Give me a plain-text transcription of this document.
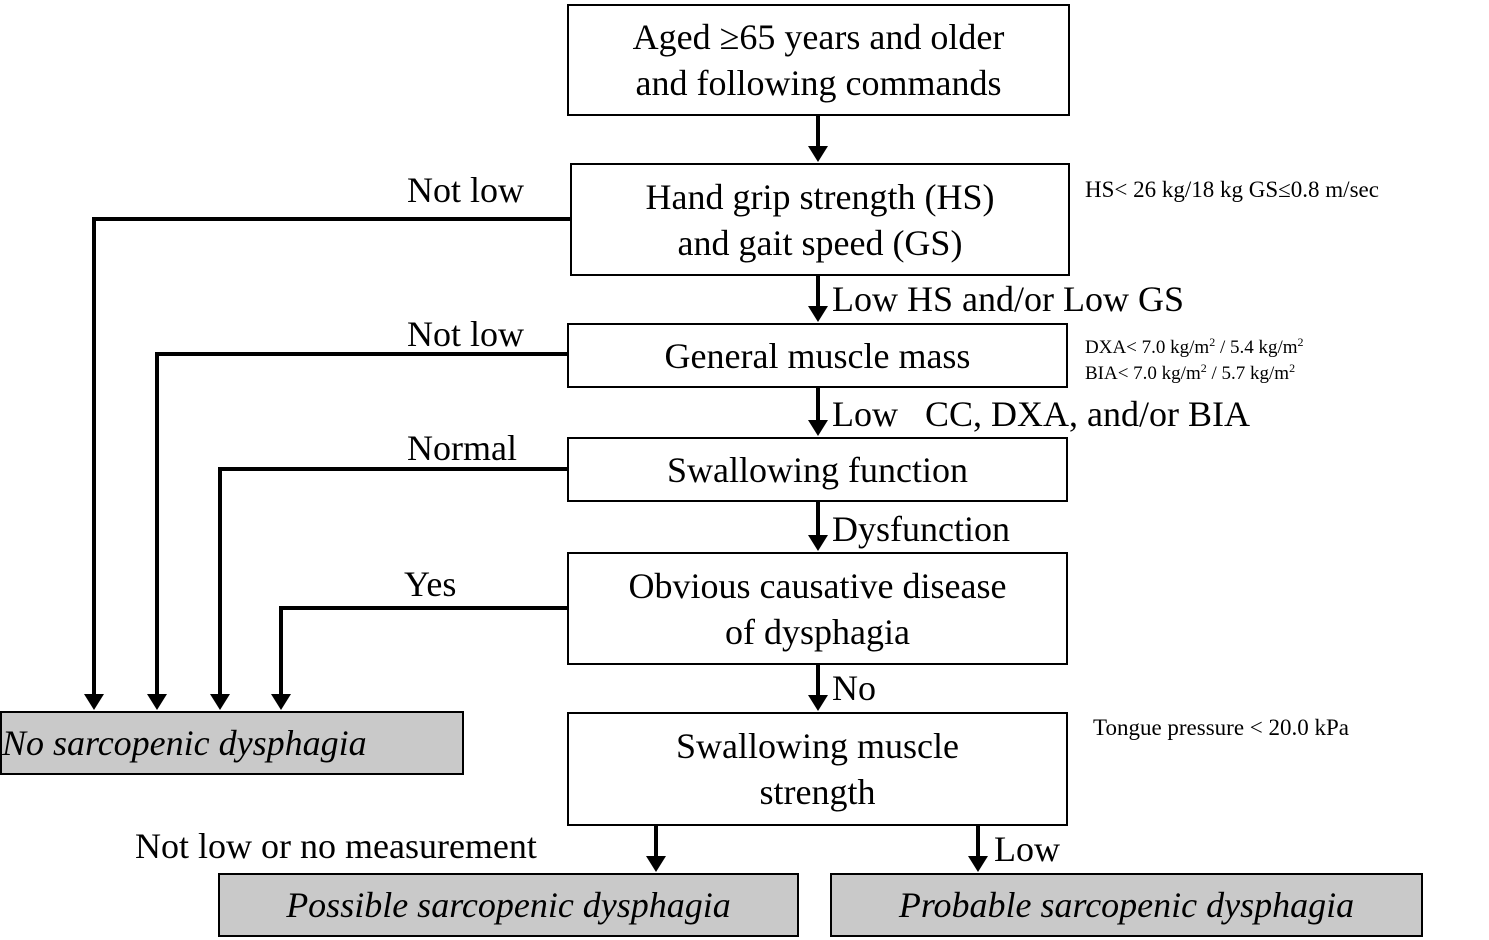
Aged ≥65 years and older
and following commands
Hand grip strength (HS)
and gait speed (GS)
General muscle mass
Swallowing function
Obvious causative disease
of dysphagia
Swallowing muscle
strength
No sarcopenic dysphagia
Possible sarcopenic dysphagia	Probable sarcopenic dysphagia
Not low
Not low
Normal
Yes
Low HS and/or Low GS
Low   CC, DXA, and/or BIA
Dysfunction
No
Not low or no measurement	Low
HS< 26 kg/18 kg GS≤0.8 m/sec
DXA< 7.0 $kg/m^2 / 5.4$ $kg/m^2$
BIA< 7.0 $kg/m^2 / 5.7$ $kg/m^2$
Tongue pressure < 20.0 kPa
